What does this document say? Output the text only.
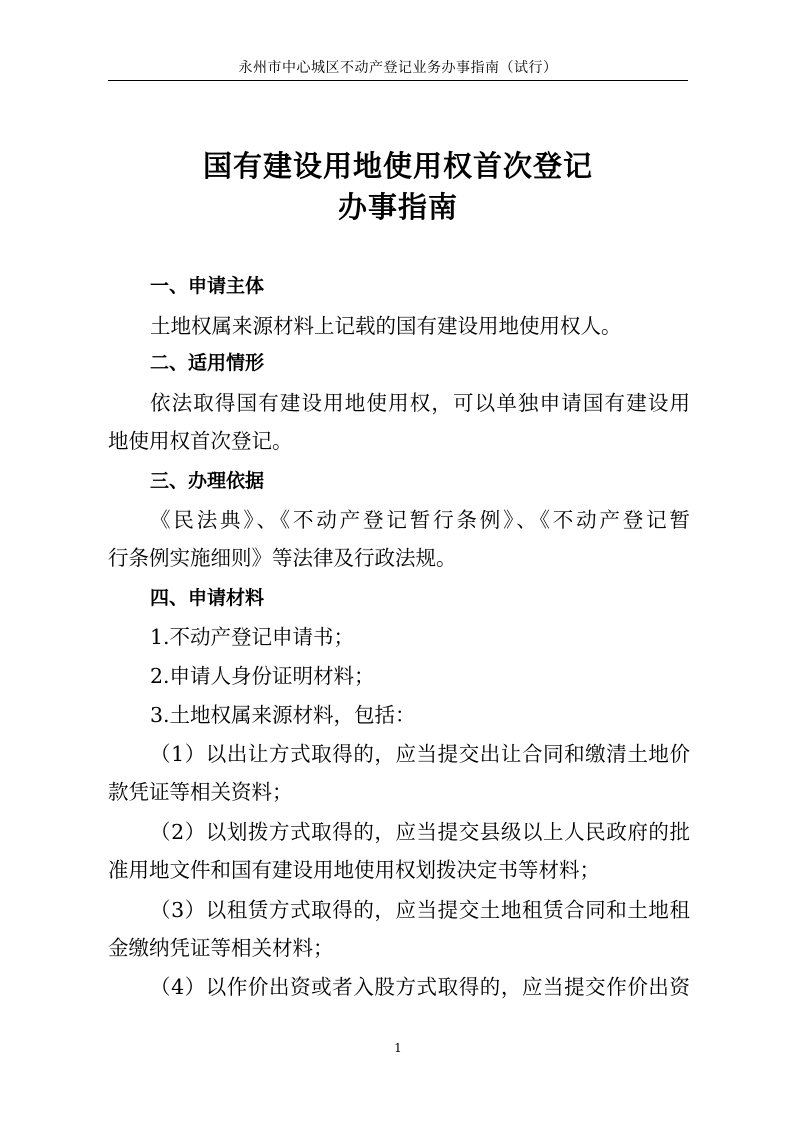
永州市中心城区不动产登记业务办事指南（试行）
国有建设用地使用权首次登记
办事指南
一、申请主体
土地权属来源材料上记载的国有建设用地使用权人。
二、适用情形
依法取得国有建设用地使用权，可以单独申请国有建设用
地使用权首次登记。
三、办理依据
《民法典》、《不动产登记暂行条例》、《不动产登记暂
行条例实施细则》等法律及行政法规。
四、申请材料
1.不动产登记申请书；
2.申请人身份证明材料；
3.土地权属来源材料，包括：
（1）以出让方式取得的，应当提交出让合同和缴清土地价
款凭证等相关资料；
（2）以划拨方式取得的，应当提交县级以上人民政府的批
准用地文件和国有建设用地使用权划拨决定书等材料；
（3）以租赁方式取得的，应当提交土地租赁合同和土地租
金缴纳凭证等相关材料；
（4）以作价出资或者入股方式取得的，应当提交作价出资
1
